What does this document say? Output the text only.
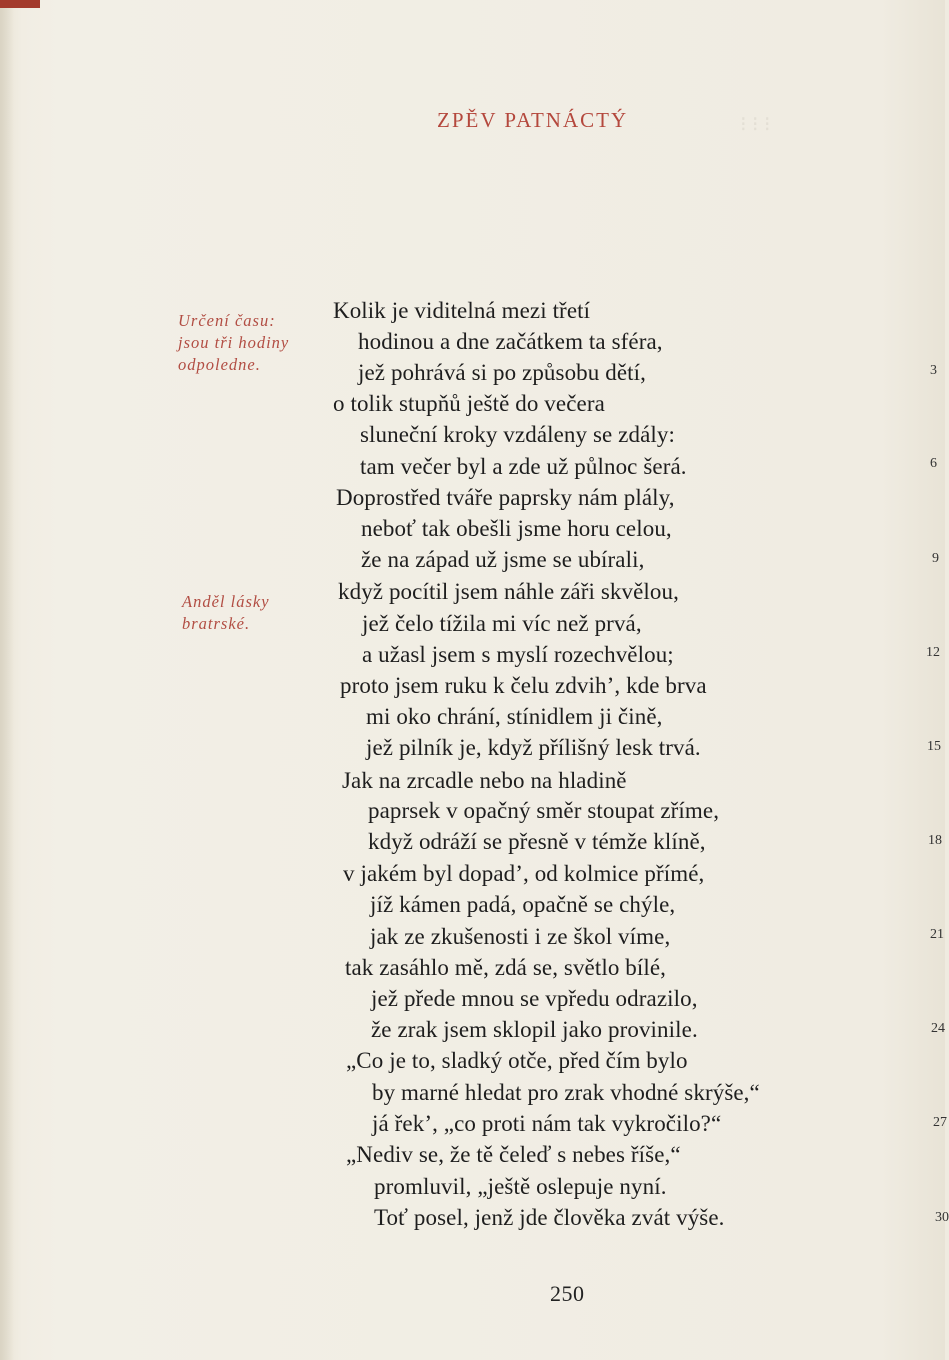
⁝ ⁝ ⁝
ZPĚV PATNÁCTÝ
Určení času:
jsou tři hodiny
odpoledne.
Anděl lásky
bratrské.
Kolik je viditelná mezi třetí
hodinou a dne začátkem ta sféra,
jež pohrává si po způsobu dětí,
o tolik stupňů ještě do večera
sluneční kroky vzdáleny se zdály:
tam večer byl a zde už půlnoc šerá.
Doprostřed tváře paprsky nám plály,
neboť tak obešli jsme horu celou,
že na západ už jsme se ubírali,
když pocítil jsem náhle záři skvělou,
jež čelo tížila mi víc než prvá,
a užasl jsem s myslí rozechvělou;
proto jsem ruku k čelu zdvih’, kde brva
mi oko chrání, stínidlem ji čině,
jež pilník je, když přílišný lesk trvá.
Jak na zrcadle nebo na hladině
paprsek v opačný směr stoupat zříme,
když odráží se přesně v témže klíně,
v jakém byl dopad’, od kolmice přímé,
jíž kámen padá, opačně se chýle,
jak ze zkušenosti i ze škol víme,
tak zasáhlo mě, zdá se, světlo bílé,
jež přede mnou se vpředu odrazilo,
že zrak jsem sklopil jako provinile.
„Co je to, sladký otče, před čím bylo
by marné hledat pro zrak vhodné skrýše,“
já řek’, „co proti nám tak vykročilo?“
„Nediv se, že tě čeleď s nebes říše,“
promluvil, „ještě oslepuje nyní.
Toť posel, jenž jde člověka zvát výše.
3
6
9
12
15
18
21
24
27
30
250
